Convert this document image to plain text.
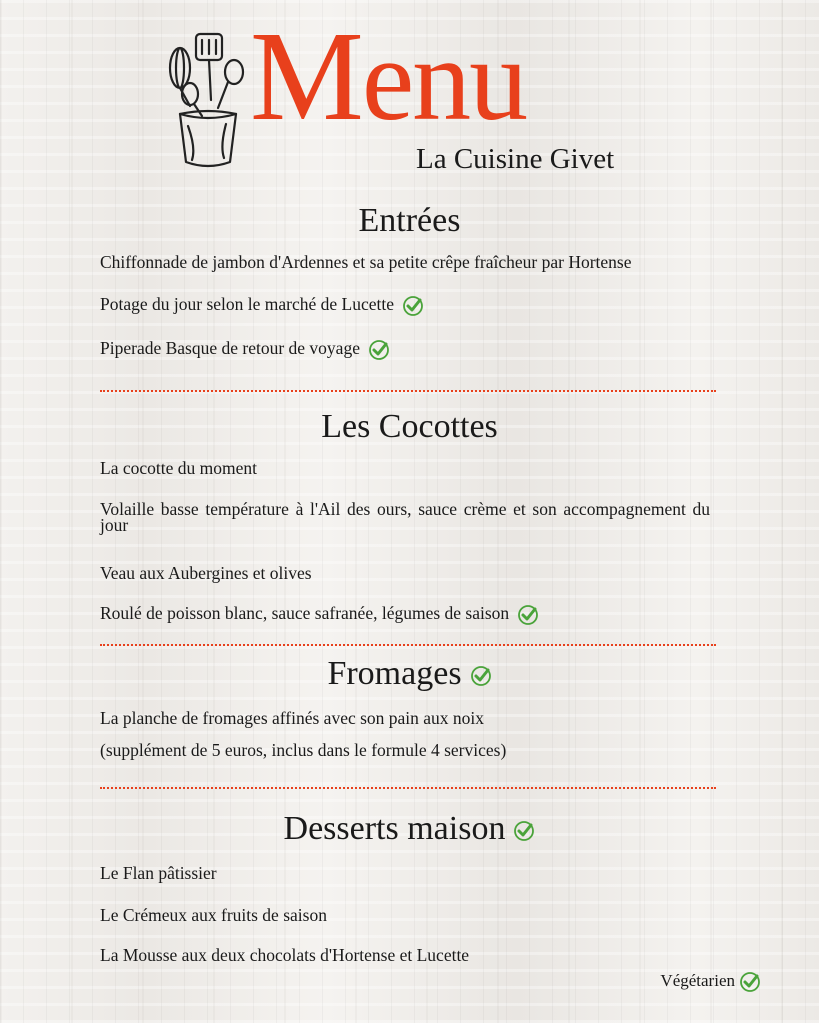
Menu
La Cuisine Givet
Entrées
Chiffonnade de jambon d'Ardennes et sa petite crêpe fraîcheur par Hortense
Potage du jour selon le marché de Lucette
Piperade Basque de retour de voyage
Les Cocottes
La cocotte du moment
Volaille basse température à l'Ail des ours, sauce crème et son accompagnement du jour
Veau aux Aubergines et olives
Roulé de poisson blanc, sauce safranée, légumes de saison
Fromages
La planche de fromages affinés avec son pain aux noix
(supplément de 5 euros, inclus dans le formule 4 services)
Desserts maison
Le Flan pâtissier
Le Crémeux aux fruits de saison
La Mousse aux deux chocolats d'Hortense et Lucette
Végétarien
